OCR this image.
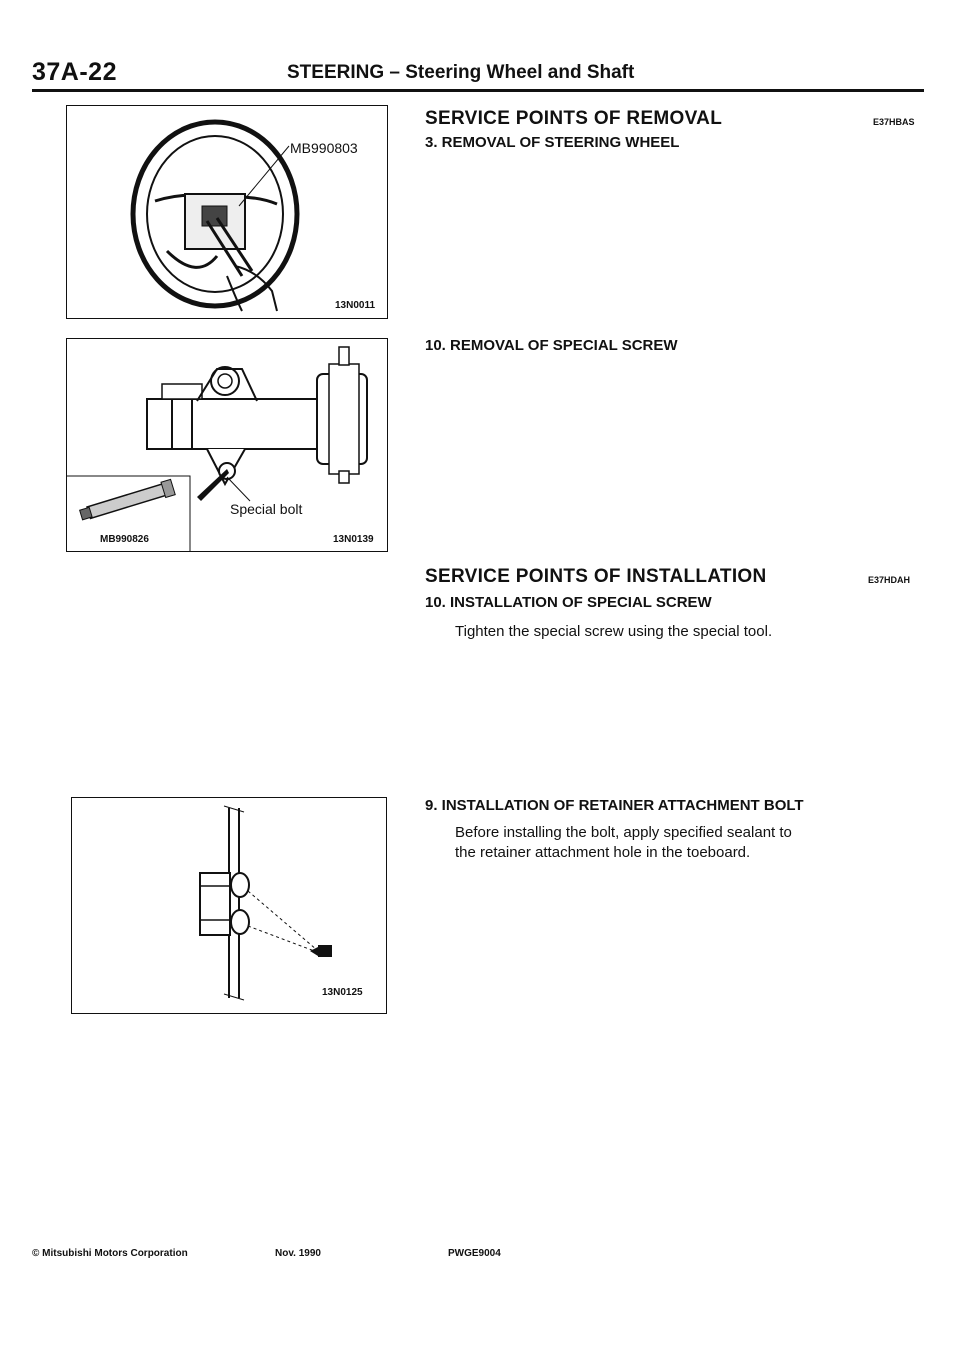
37A-22	STEERING – Steering Wheel and Shaft
MB990803
13N0011
Special bolt
MB990826	13N0139
13N0125
SERVICE POINTS OF REMOVAL	E37HBAS
3. REMOVAL OF STEERING WHEEL
10. REMOVAL OF SPECIAL SCREW
SERVICE POINTS OF INSTALLATION	E37HDAH
10. INSTALLATION OF SPECIAL SCREW
Tighten the special screw using the special tool.
9. INSTALLATION OF RETAINER ATTACHMENT BOLT
Before installing the bolt, apply specified sealant to
the retainer attachment hole in the toeboard.
© Mitsubishi Motors Corporation	Nov. 1990	PWGE9004
